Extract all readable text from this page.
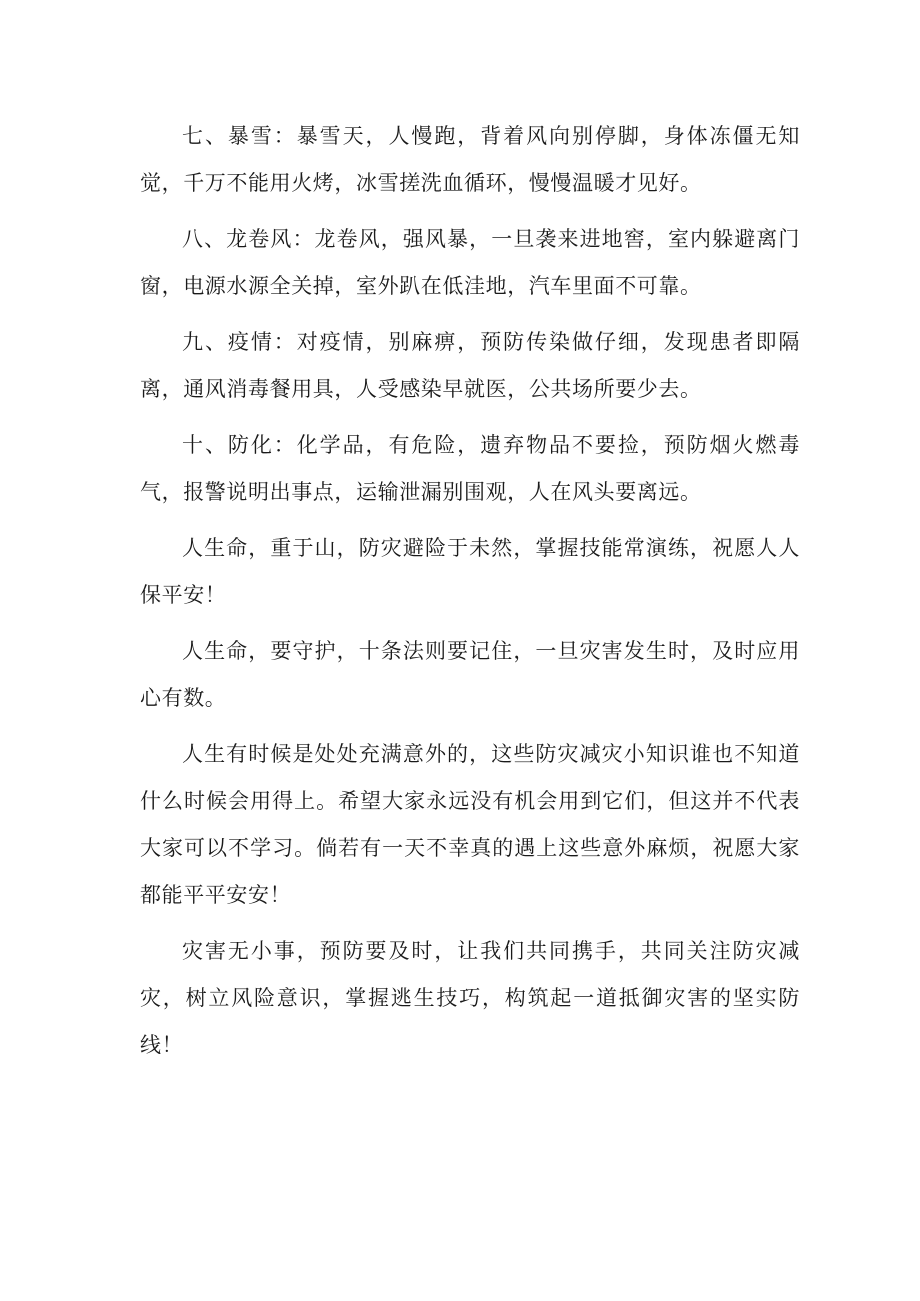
七、暴雪：暴雪天，人慢跑，背着风向别停脚，身体冻僵无知觉，千万不能用火烤，冰雪搓洗血循环，慢慢温暖才见好。

八、龙卷风：龙卷风，强风暴，一旦袭来进地窖，室内躲避离门窗，电源水源全关掉，室外趴在低洼地，汽车里面不可靠。

九、疫情：对疫情，别麻痹，预防传染做仔细，发现患者即隔离，通风消毒餐用具，人受感染早就医，公共场所要少去。

十、防化：化学品，有危险，遗弃物品不要捡，预防烟火燃毒气，报警说明出事点，运输泄漏别围观，人在风头要离远。

人生命，重于山，防灾避险于未然，掌握技能常演练，祝愿人人保平安！

人生命，要守护，十条法则要记住，一旦灾害发生时，及时应用心有数。

人生有时候是处处充满意外的，这些防灾减灾小知识谁也不知道什么时候会用得上。希望大家永远没有机会用到它们，但这并不代表大家可以不学习。倘若有一天不幸真的遇上这些意外麻烦，祝愿大家都能平平安安！

灾害无小事，预防要及时，让我们共同携手，共同关注防灾减灾，树立风险意识，掌握逃生技巧，构筑起一道抵御灾害的坚实防线！
